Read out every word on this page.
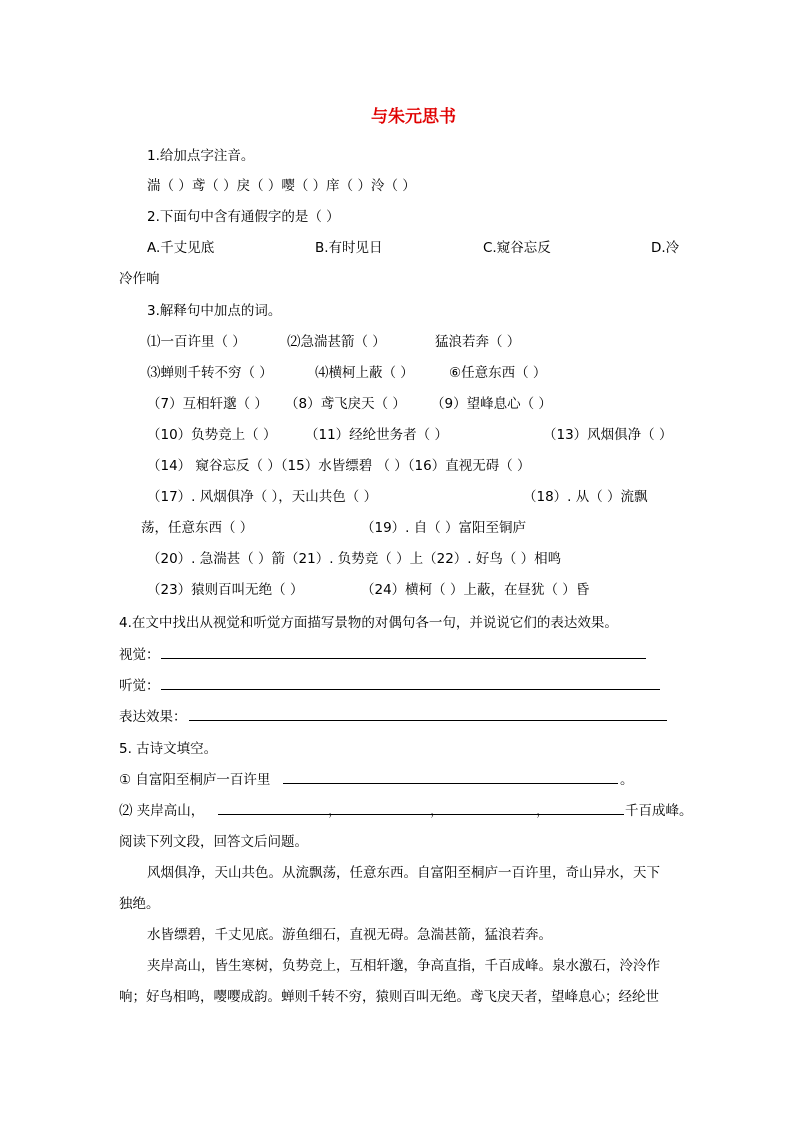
与朱元思书
1.给加点字注音。
湍（ ）鸢（ ）戾（ ）嘤（ ）庠（ ）泠（ ）
2.下面句中含有通假字的是（ ）
A.千丈见底	B.有时见日	C.窥谷忘反	D.冷
冷作响
3.解释句中加点的词。
⑴一百许里（ ）	⑵急湍甚箭（ ）	猛浪若奔（ ）
⑶蝉则千转不穷（ ）	⑷横柯上蔽（ ）	⑥任意东西（ ）
（7）互相轩邈（ ） （8）鸢飞戾天（ ） （9）望峰息心（ ）
（10）负势竞上（ ） （11）经纶世务者（ ）	（13）风烟俱净（ ）
（14） 窥谷忘反（ ）（15）水皆缥碧 （ ）（16）直视无碍（ ）
（17）. 风烟俱净（ ），天山共色（ ）	（18）. 从（ ）流飘
荡，任意东西（ ）	（19）. 自（ ）富阳至铜庐
（20）. 急湍甚（ ）箭（21）. 负势竞（ ）上（22）. 好鸟（ ）相鸣
（23）猿则百叫无绝（ ）	（24）横柯（ ）上蔽，在昼犹（ ）昏
4.在文中找出从视觉和听觉方面描写景物的对偶句各一句，并说说它们的表达效果。
视觉：
听觉：
表达效果：
5. 古诗文填空。
① 自富阳至桐庐一百许里	。
⑵ 夹岸高山，	，	，	，	千百成峰。
阅读下列文段，回答文后问题。
风烟俱净，天山共色。从流飘荡，任意东西。自富阳至桐庐一百许里，奇山异水，天下
独绝。
水皆缥碧，千丈见底。游鱼细石，直视无碍。急湍甚箭，猛浪若奔。
夹岸高山，皆生寒树，负势竞上，互相轩邈，争高直指，千百成峰。泉水激石，泠泠作
响；好鸟相鸣，嘤嘤成韵。蝉则千转不穷，猿则百叫无绝。鸢飞戾天者，望峰息心；经纶世
